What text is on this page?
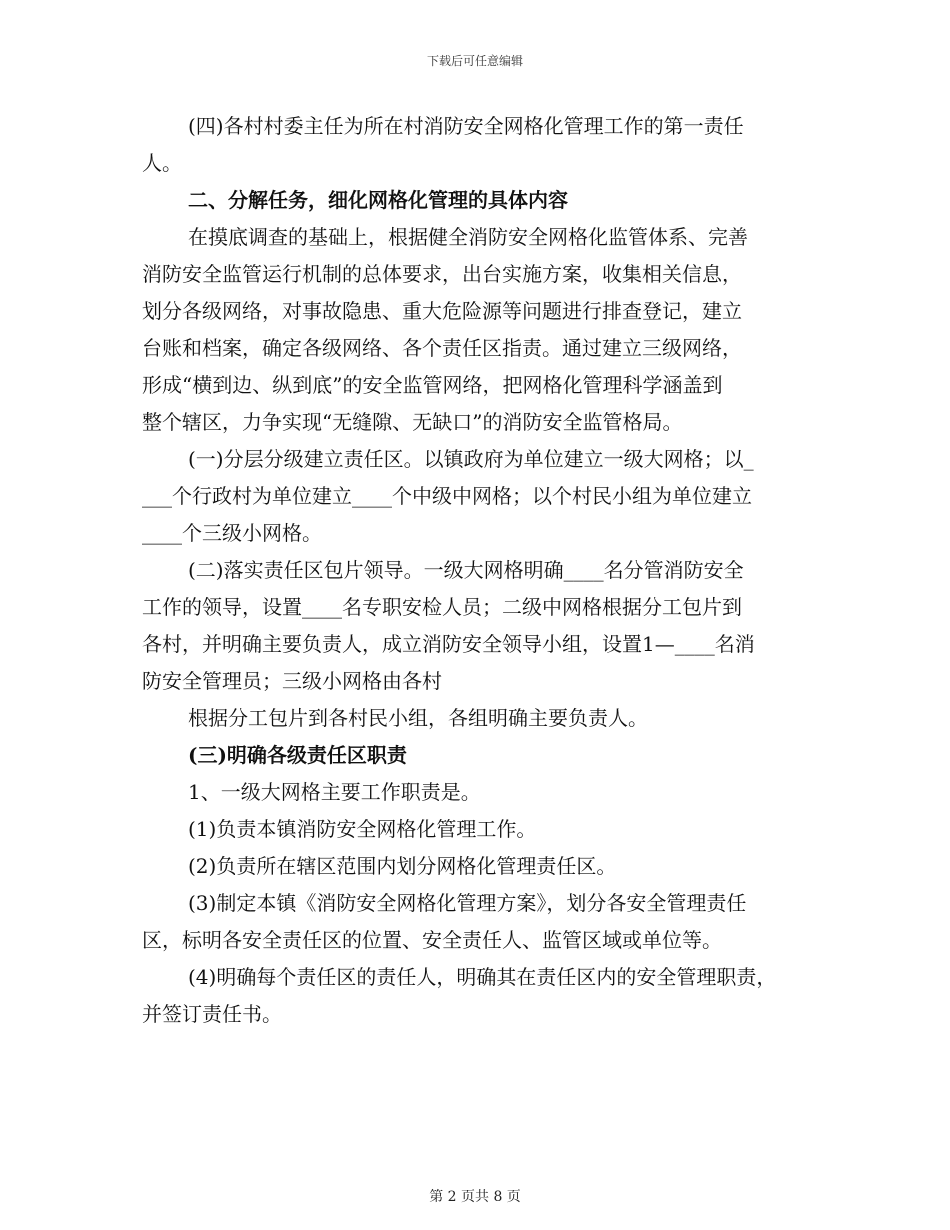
下载后可任意编辑

(四)各村村委主任为所在村消防安全网格化管理工作的第一责任

人。

二、分解任务，细化网格化管理的具体内容

在摸底调查的基础上，根据健全消防安全网格化监管体系、完善

消防安全监管运行机制的总体要求，出台实施方案，收集相关信息，

划分各级网络，对事故隐患、重大危险源等问题进行排查登记，建立

台账和档案，确定各级网络、各个责任区指责。通过建立三级网络，

形成“横到边、纵到底”的安全监管网络，把网格化管理科学涵盖到

整个辖区，力争实现“无缝隙、无缺口”的消防安全监管格局。

(一)分层分级建立责任区。以镇政府为单位建立一级大网格；以_

___个行政村为单位建立____个中级中网格；以个村民小组为单位建立

____个三级小网格。

(二)落实责任区包片领导。一级大网格明确____名分管消防安全

工作的领导，设置____名专职安检人员；二级中网格根据分工包片到

各村，并明确主要负责人，成立消防安全领导小组，设置1—____名消

防安全管理员；三级小网格由各村

根据分工包片到各村民小组，各组明确主要负责人。

(三)明确各级责任区职责

1、一级大网格主要工作职责是。

(1)负责本镇消防安全网格化管理工作。

(2)负责所在辖区范围内划分网格化管理责任区。

(3)制定本镇《消防安全网格化管理方案》，划分各安全管理责任

区，标明各安全责任区的位置、安全责任人、监管区域或单位等。

(4)明确每个责任区的责任人，明确其在责任区内的安全管理职责，

并签订责任书。

第 2 页共 8 页
